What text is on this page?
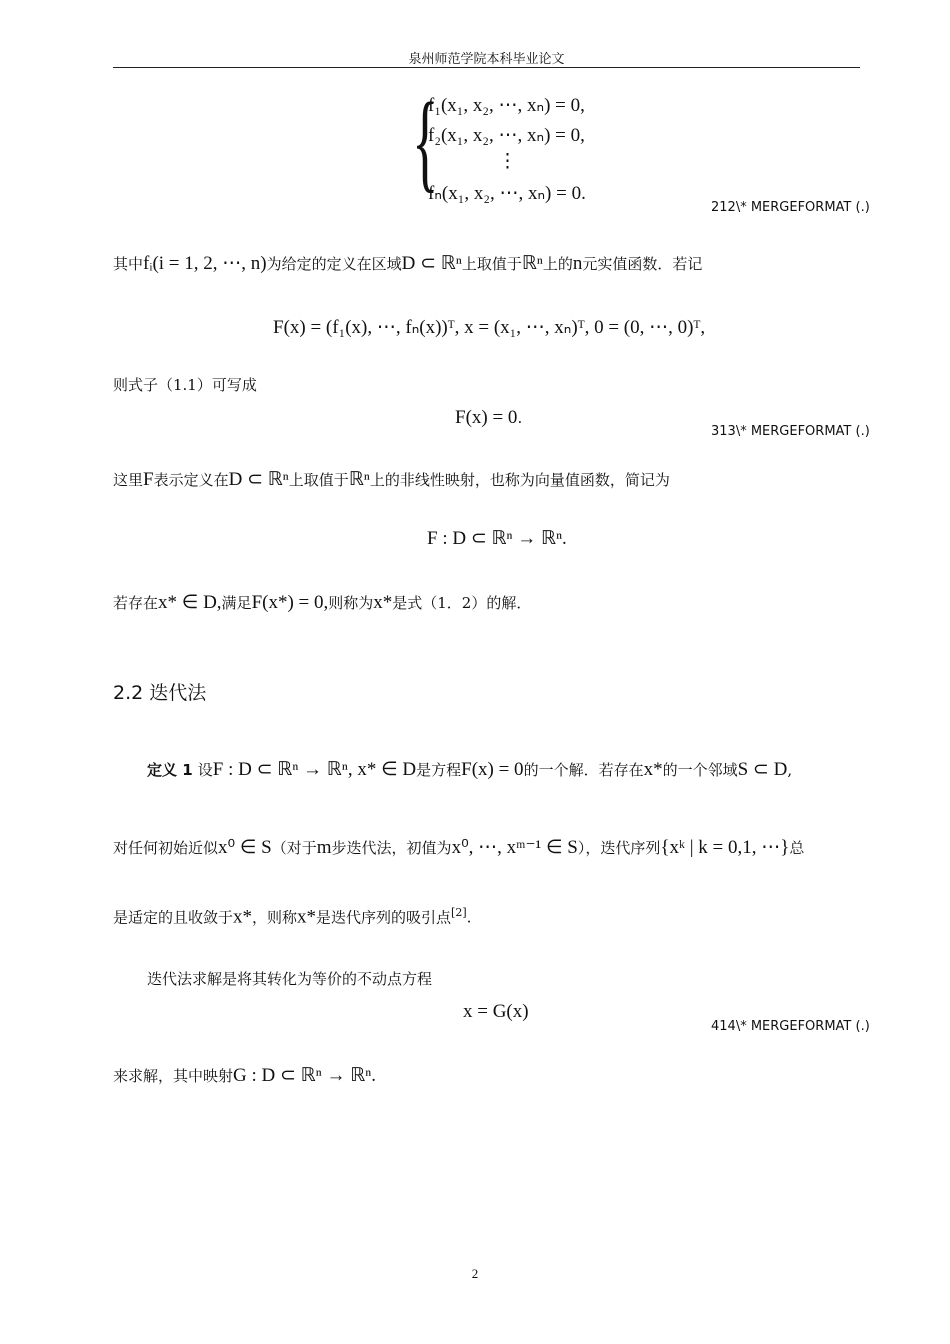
泉州师范学院本科毕业论文
{
f₁(x₁, x₂, ⋯, xₙ) = 0,
f₂(x₁, x₂, ⋯, xₙ) = 0,
⋮
fₙ(x₁, x₂, ⋯, xₙ) = 0.
212\* MERGEFORMAT (.)
其中fᵢ(i = 1, 2, ⋯, n)为给定的定义在区域D ⊂ ℝⁿ上取值于ℝⁿ上的n元实值函数．若记
F(x) = (f₁(x), ⋯, fₙ(x))ᵀ, x = (x₁, ⋯, xₙ)ᵀ, 0 = (0, ⋯, 0)ᵀ,
则式子（1.1）可写成
F(x) = 0.
313\* MERGEFORMAT (.)
这里F表示定义在D ⊂ ℝⁿ上取值于ℝⁿ上的非线性映射，也称为向量值函数，简记为
F : D ⊂ ℝⁿ → ℝⁿ.
若存在x* ∈ D,满足F(x*) = 0,则称为x*是式（1．2）的解．
2.2 迭代法
定义 1 设F : D ⊂ ℝⁿ → ℝⁿ, x* ∈ D是方程F(x) = 0的一个解．若存在x*的一个邻域S ⊂ D,
对任何初始近似x⁰ ∈ S（对于m步迭代法，初值为x⁰, ⋯, xᵐ⁻¹ ∈ S），迭代序列{xᵏ | k = 0,1, ⋯}总
是适定的且收敛于x*，则称x*是迭代序列的吸引点[2].
迭代法求解是将其转化为等价的不动点方程
x = G(x)
414\* MERGEFORMAT (.)
来求解，其中映射G : D ⊂ ℝⁿ → ℝⁿ.
2
